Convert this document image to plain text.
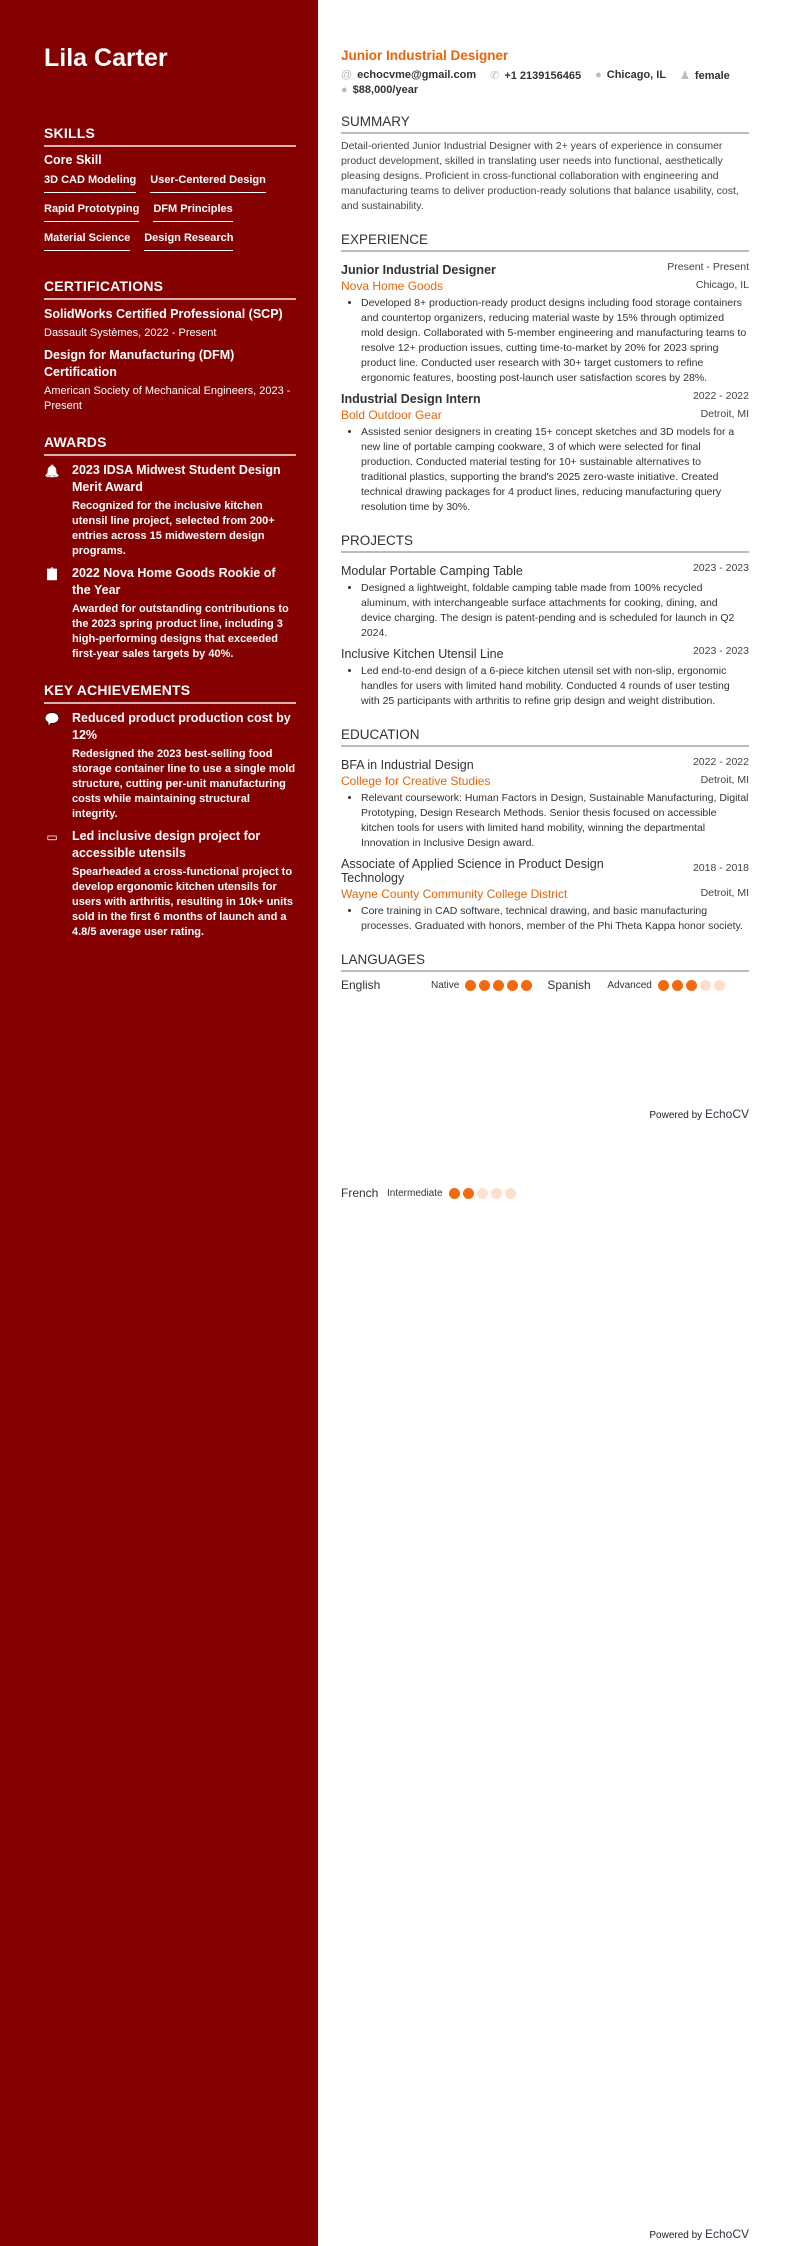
Lila Carter
SKILLS
Core Skill
3D CAD Modeling User-Centered Design
Rapid Prototyping DFM Principles
Material Science Design Research
CERTIFICATIONS
SolidWorks Certified Professional (SCP)
Dassault Systèmes, 2022 - Present
Design for Manufacturing (DFM) Certification
American Society of Mechanical Engineers, 2023 - Present
AWARDS
🔔 2023 IDSA Midwest Student Design Merit Award
Recognized for the inclusive kitchen utensil line project, selected from 200+ entries across 15 midwestern design programs.
📋 2022 Nova Home Goods Rookie of the Year
Awarded for outstanding contributions to the 2023 spring product line, including 3 high-performing designs that exceeded first-year sales targets by 40%.
KEY ACHIEVEMENTS
💬 Reduced product production cost by 12%
Redesigned the 2023 best-selling food storage container line to use a single mold structure, cutting per-unit manufacturing costs while maintaining structural integrity.
▭ Led inclusive design project for accessible utensils
Spearheaded a cross-functional project to develop ergonomic kitchen utensils for users with arthritis, resulting in 10k+ units sold in the first 6 months of launch and a 4.8/5 average user rating.
Junior Industrial Designer
@ echocvme@gmail.com ✆ +1 2139156465 ● Chicago, IL ♟ female
● $88,000/year
SUMMARY
Detail-oriented Junior Industrial Designer with 2+ years of experience in consumer product development, skilled in translating user needs into functional, aesthetically pleasing designs. Proficient in cross-functional collaboration with engineering and manufacturing teams to deliver production-ready solutions that balance usability, cost, and sustainability.
EXPERIENCE
Junior Industrial Designer	Present - Present
Nova Home Goods	Chicago, IL
• Developed 8+ production-ready product designs including food storage containers and countertop organizers, reducing material waste by 15% through optimized mold design. Collaborated with 5-member engineering and manufacturing teams to resolve 12+ production issues, cutting time-to-market by 20% for 2023 spring product line. Conducted user research with 30+ target customers to refine ergonomic features, boosting post-launch user satisfaction scores by 28%.
Industrial Design Intern	2022 - 2022
Bold Outdoor Gear	Detroit, MI
• Assisted senior designers in creating 15+ concept sketches and 3D models for a new line of portable camping cookware, 3 of which were selected for final production. Conducted material testing for 10+ sustainable alternatives to traditional plastics, supporting the brand's 2025 zero-waste initiative. Created technical drawing packages for 4 product lines, reducing manufacturing query resolution time by 30%.
PROJECTS
Modular Portable Camping Table	2023 - 2023
• Designed a lightweight, foldable camping table made from 100% recycled aluminum, with interchangeable surface attachments for cooking, dining, and device charging. The design is patent-pending and is scheduled for launch in Q2 2024.
Inclusive Kitchen Utensil Line	2023 - 2023
• Led end-to-end design of a 6-piece kitchen utensil set with non-slip, ergonomic handles for users with limited hand mobility. Conducted 4 rounds of user testing with 25 participants with arthritis to refine grip design and weight distribution.
EDUCATION
BFA in Industrial Design	2022 - 2022
College for Creative Studies	Detroit, MI
• Relevant coursework: Human Factors in Design, Sustainable Manufacturing, Digital Prototyping, Design Research Methods. Senior thesis focused on accessible kitchen tools for users with limited hand mobility, winning the departmental Innovation in Inclusive Design award.
Associate of Applied Science in Product Design Technology
2018 - 2018
Wayne County Community College District	Detroit, MI
• Core training in CAD software, technical drawing, and basic manufacturing processes. Graduated with honors, member of the Phi Theta Kappa honor society.
LANGUAGES
English	Native	Spanish	Advanced
French Intermediate
Powered by EchoCV
Powered by EchoCV
